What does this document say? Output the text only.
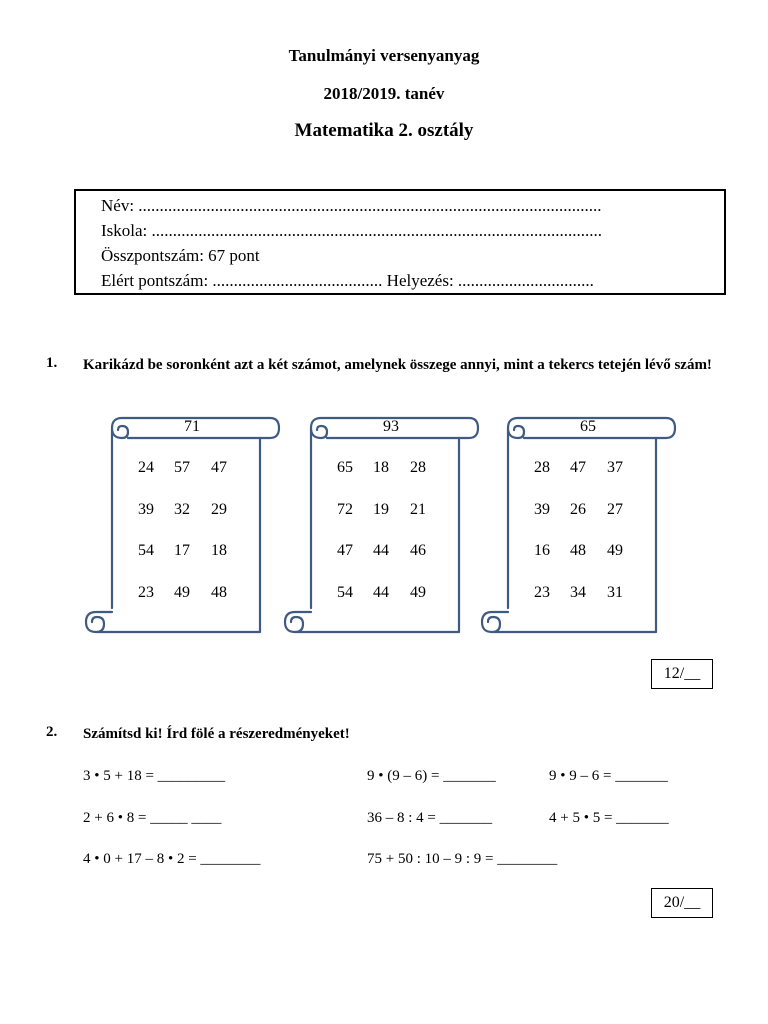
Tanulmányi versenyanyag
2018/2019. tanév
Matematika 2. osztály
Név: .............................................................................................................
Iskola: ..........................................................................................................
Összpontszám: 67 pont
Elért pontszám: ........................................ Helyezés: ................................
1. Karikázd be soronként azt a két számot, amelynek összege annyi, mint a tekercs tetején lévő szám!
71
24	57	47
39	32	29
54	17	18
23	49	48
93
65	18	28
72	19	21
47	44	46
54	44	49
65
28	47	37
39	26	27
16	48	49
23	34	31
12/__
2. Számítsd ki! Írd fölé a részeredményeket!
3 • 5 + 18 = _________	9 • (9 – 6) = _______	9 • 9 – 6 = _______
2 + 6 • 8 = _____ ____	36 – 8 : 4 = _______	4 + 5 • 5 = _______
4 • 0 + 17 – 8 • 2 = ________	75 + 50 : 10 – 9 : 9 = ________
20/__
